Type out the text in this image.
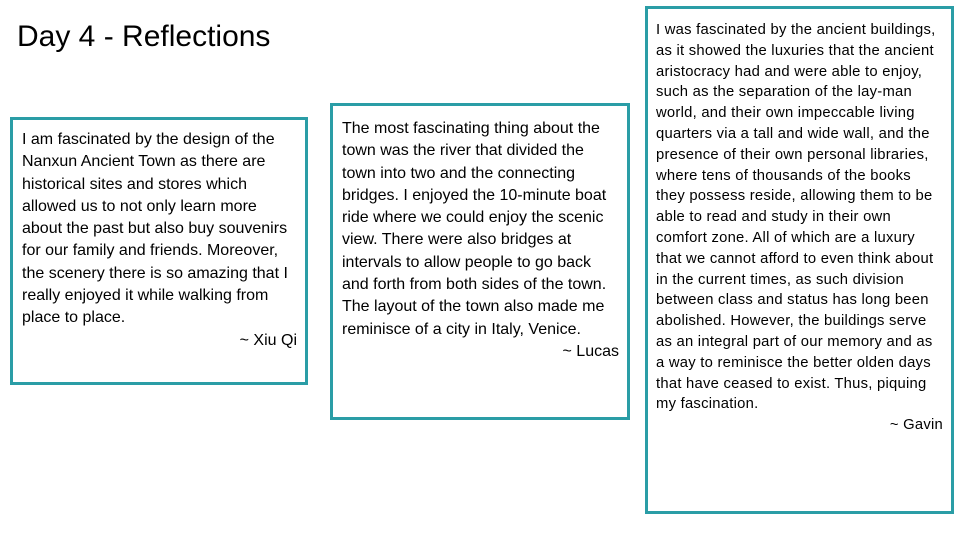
Day 4 - Reflections
I am fascinated by the design of the Nanxun Ancient Town as there are historical sites and stores which allowed us to not only learn more about the past but also buy souvenirs for our family and friends. Moreover, the scenery there is so amazing that I really enjoyed it while walking from place to place.
~ Xiu Qi
The most fascinating thing about the town was the river that divided the town into two and the connecting bridges. I enjoyed the 10-minute boat ride where we could enjoy the scenic view. There were also bridges at intervals to allow people to go back and forth from both sides of the town. The layout of the town also made me reminisce of a city in Italy, Venice.
~ Lucas
I was fascinated by the ancient buildings, as it showed the luxuries that the ancient aristocracy had and were able to enjoy, such as the separation of the lay-man world, and their own impeccable living quarters via a tall and wide wall, and the presence of their own personal libraries, where tens of thousands of the books they possess reside, allowing them to be able to read and study in their own comfort zone. All of which are a luxury that we cannot afford to even think about in the current times, as such division between class and status has long been abolished. However, the buildings serve as an integral part of our memory and as a way to reminisce the better olden days that have ceased to exist. Thus, piquing my fascination.
~ Gavin
